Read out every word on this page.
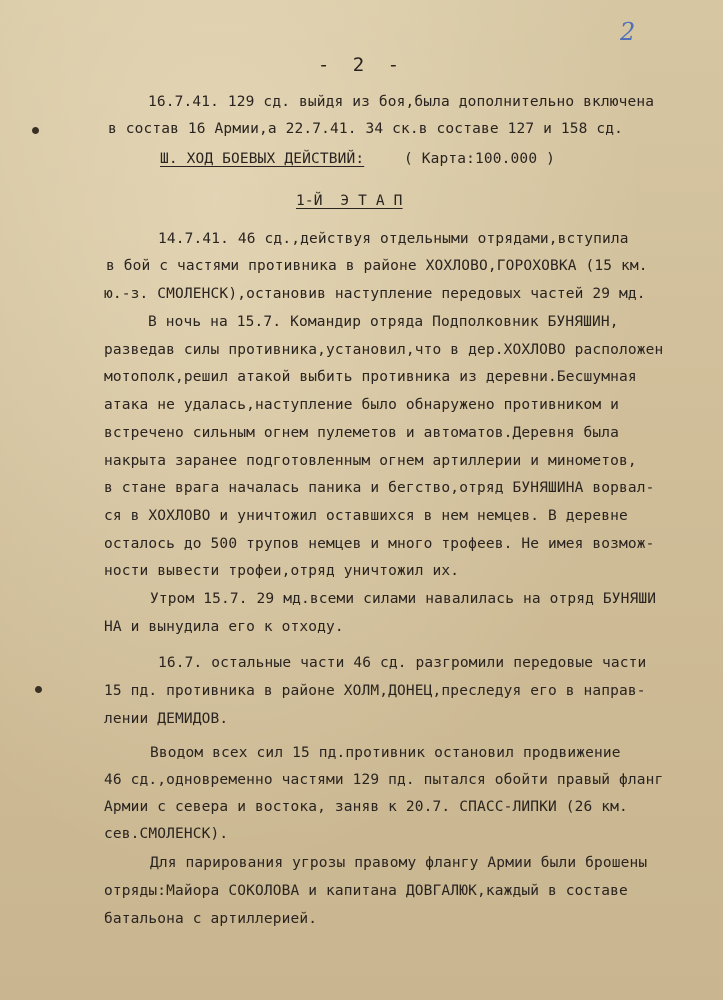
2
- 2 -
16.7.41. 129 сд. выйдя из боя,была дополнительно включена
в состав 16 Армии,а 22.7.41. 34 ск.в составе 127 и 158 сд.
Ш. ХОД БОЕВЫХ ДЕЙСТВИЙ:	( Карта:100.000 )
1-Й  Э Т А П
14.7.41. 46 сд.,действуя отдельными отрядами,вступила
в бой с частями противника в районе ХОХЛОВО,ГОРОХОВКА (15 км.
ю.-з. СМОЛЕНСК),остановив наступление передовых частей 29 мд.
В ночь на 15.7. Командир отряда Подполковник БУНЯШИН,
разведав силы противника,установил,что в дер.ХОХЛОВО расположен
мотополк,решил атакой выбить противника из деревни.Бесшумная
атака не удалась,наступление было обнаружено противником и
встречено сильным огнем пулеметов и автоматов.Деревня была
накрыта заранее подготовленным огнем артиллерии и минометов,
в стане врага началась паника и бегство,отряд БУНЯШИНА ворвал-
ся в ХОХЛОВО и уничтожил оставшихся в нем немцев. В деревне
осталось до 500 трупов немцев и много трофеев. Не имея возмож-
ности вывести трофеи,отряд уничтожил их.
Утром 15.7. 29 мд.всеми силами навалилась на отряд БУНЯШИ
НА и вынудила его к отходу.
16.7. остальные части 46 сд. разгромили передовые части
15 пд. противника в районе ХОЛМ,ДОНЕЦ,преследуя его в направ-
лении ДЕМИДОВ.
Вводом всех сил 15 пд.противник остановил продвижение
46 сд.,одновременно частями 129 пд. пытался обойти правый фланг
Армии с севера и востока, заняв к 20.7. СПАСС-ЛИПКИ (26 км.
сев.СМОЛЕНСК).
Для парирования угрозы правому флангу Армии были брошены
отряды:Майора СОКОЛОВА и капитана ДОВГАЛЮК,каждый в составе
батальона с артиллерией.
